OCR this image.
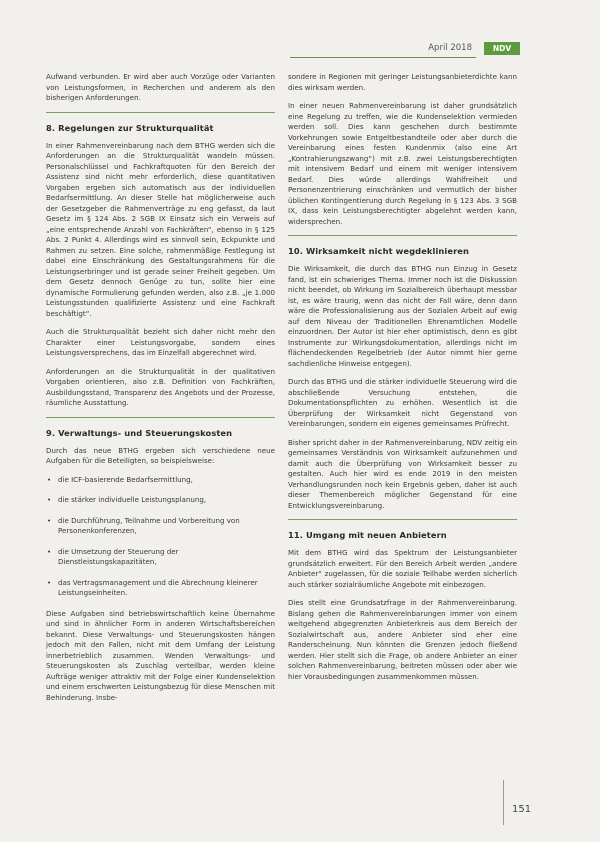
April 2018	NDV

Aufwand verbunden. Er wird aber auch Vorzüge oder Varianten von Leistungsformen, in Recherchen und anderem als den bisherigen Anforderungen.

8. Regelungen zur Strukturqualität

In einer Rahmenvereinbarung nach dem BTHG werden sich die Anforderungen an die Strukturqualität wandeln müssen. Personalschlüssel und Fachkraftquoten für den Bereich der Assistenz sind nicht mehr erforderlich, diese quantitativen Vorgaben ergeben sich automatisch aus der individuellen Bedarfsermittlung. An dieser Stelle hat möglicherweise auch der Gesetzgeber die Rahmenverträge zu eng gefasst, da laut Gesetz im § 124 Abs. 2 SGB IX Einsatz sich ein Verweis auf „eine entsprechende Anzahl von Fachkräften“, ebenso in § 125 Abs. 2 Punkt 4. Allerdings wird es sinnvoll sein, Eckpunkte und Rahmen zu setzen. Eine solche, rahmenmäßige Festlegung ist dabei eine Einschränkung des Gestaltungsrahmens für die Leistungserbringer und ist gerade seiner Freiheit gegeben. Um dem Gesetz dennoch Genüge zu tun, sollte hier eine dynamische Formulierung gefunden werden, also z.B. „je 1.000 Leistungsstunden qualifizierte Assistenz und eine Fachkraft beschäftigt“.

Auch die Strukturqualität bezieht sich daher nicht mehr den Charakter einer Leistungsvorgabe, sondern eines Leistungsversprechens, das im Einzelfall abgerechnet wird.

Anforderungen an die Strukturqualität in der qualitativen Vorgaben orientieren, also z.B. Definition von Fachkräften, Ausbildungsstand, Transparenz des Angebots und der Prozesse, räumliche Ausstattung.

9. Verwaltungs- und Steuerungskosten

Durch das neue BTHG ergeben sich verschiedene neue Aufgaben für die Beteiligten, so beispielsweise:

• die ICF-basierende Bedarfsermittlung,
• die stärker individuelle Leistungsplanung,
• die Durchführung, Teilnahme und Vorbereitung von Personenkonferenzen,
• die Umsetzung der Steuerung der Dienstleistungskapazitäten,
• das Vertragsmanagement und die Abrechnung kleinerer Leistungseinheiten.

Diese Aufgaben sind betriebswirtschaftlich keine Übernahme und sind in ähnlicher Form in anderen Wirtschaftsbereichen bekannt. Diese Verwaltungs- und Steuerungskosten hängen jedoch mit den Fallen, nicht mit dem Umfang der Leistung innerbetrieblich zusammen. Wenden Verwaltungs- und Steuerungskosten als Zuschlag verteilbar, werden kleine Aufträge weniger attraktiv mit der Folge einer Kundenselektion und einem erschwerten Leistungsbezug für diese Menschen mit Behinderung. Insbe-

sondere in Regionen mit geringer Leistungsanbieterdichte kann dies wirksam werden.

In einer neuen Rahmenvereinbarung ist daher grundsätzlich eine Regelung zu treffen, wie die Kundenselektion vermieden werden soll. Dies kann geschehen durch bestimmte Vorkehrungen sowie Entgeltbestandteile oder aber durch die Vereinbarung eines festen Kundenmix (also eine Art „Kontrahierungszwang“) mit z.B. zwei Leistungsberechtigten mit intensivem Bedarf und einem mit weniger intensivem Bedarf. Dies würde allerdings Wahlfreiheit und Personenzentrierung einschränken und vermutlich der bisher üblichen Kontingentierung durch Regelung in § 123 Abs. 3 SGB IX, dass kein Leistungsberechtigter abgelehnt werden kann, widersprechen.

10. Wirksamkeit nicht wegdeklinieren

Die Wirksamkeit, die durch das BTHG nun Einzug in Gesetz fand, ist ein schwieriges Thema. Immer noch ist die Diskussion nicht beendet, ob Wirkung im Sozialbereich überhaupt messbar ist, es wäre traurig, wenn das nicht der Fall wäre, denn dann wäre die Professionalisierung aus der Sozialen Arbeit auf ewig auf dem Niveau der Traditionellen Ehrenamtlichen Modelle einzuordnen. Der Autor ist hier eher optimistisch, denn es gibt Instrumente zur Wirkungsdokumentation, allerdings nicht im flächendeckenden Regelbetrieb (der Autor nimmt hier gerne sachdienliche Hinweise entgegen).

Durch das BTHG und die stärker individuelle Steuerung wird die abschließende Versuchung entstehen, die Dokumentationspflichten zu erhöhen. Wesentlich ist die Überprüfung der Wirksamkeit nicht Gegenstand von Vereinbarungen, sondern ein eigenes gemeinsames Prüfrecht.

Bisher spricht daher in der Rahmenvereinbarung, NDV zeitig ein gemeinsames Verständnis von Wirksamkeit aufzunehmen und damit auch die Überprüfung von Wirksamkeit besser zu gestalten. Auch hier wird es ende 2019 in den meisten Verhandlungsrunden noch kein Ergebnis geben, daher ist auch dieser Themenbereich möglicher Gegenstand für eine Entwicklungsvereinbarung.

11. Umgang mit neuen Anbietern

Mit dem BTHG wird das Spektrum der Leistungsanbieter grundsätzlich erweitert. Für den Bereich Arbeit werden „andere Anbieter“ zugelassen, für die soziale Teilhabe werden sicherlich auch stärker sozialräumliche Angebote mit einbezogen.

Dies stellt eine Grundsatzfrage in der Rahmenvereinbarung. Bislang gehen die Rahmenvereinbarungen immer von einem weitgehend abgegrenzten Anbieterkreis aus dem Bereich der Sozialwirtschaft aus, andere Anbieter sind eher eine Randerscheinung. Nun könnten die Grenzen jedoch fließend werden. Hier stellt sich die Frage, ob andere Anbieter an einer solchen Rahmenvereinbarung, beitreten müssen oder aber wie hier Vorausbedingungen zusammenkommen müssen.

151
